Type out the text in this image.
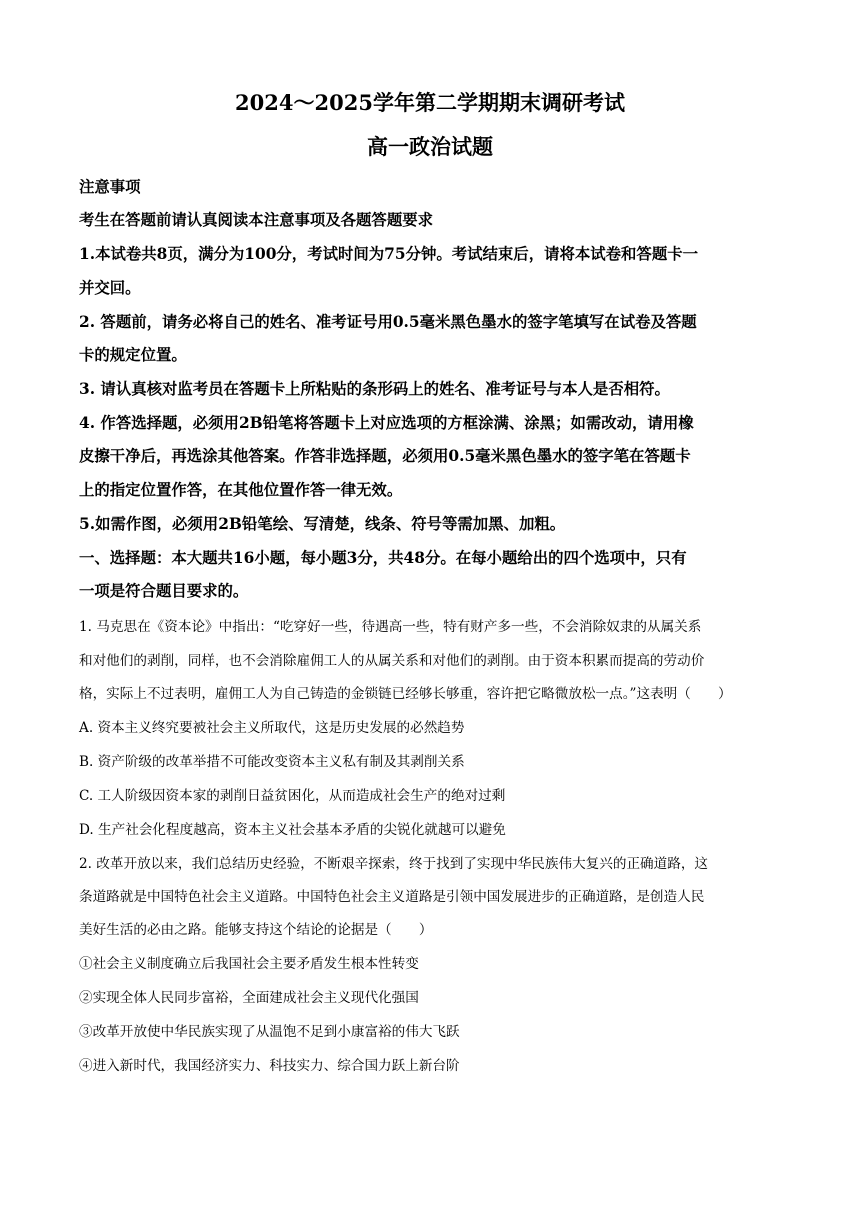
2024～2025学年第二学期期末调研考试
高一政治试题
注意事项
考生在答题前请认真阅读本注意事项及各题答题要求
1.本试卷共8页，满分为100分，考试时间为75分钟。考试结束后，请将本试卷和答题卡一
并交回。
2. 答题前，请务必将自己的姓名、准考证号用0.5毫米黑色墨水的签字笔填写在试卷及答题
卡的规定位置。
3. 请认真核对监考员在答题卡上所粘贴的条形码上的姓名、准考证号与本人是否相符。
4. 作答选择题，必须用2B铅笔将答题卡上对应选项的方框涂满、涂黑；如需改动，请用橡
皮擦干净后，再选涂其他答案。作答非选择题，必须用0.5毫米黑色墨水的签字笔在答题卡
上的指定位置作答，在其他位置作答一律无效。
5.如需作图，必须用2B铅笔绘、写清楚，线条、符号等需加黑、加粗。
一、选择题：本大题共16小题，每小题3分，共48分。在每小题给出的四个选项中，只有
一项是符合题目要求的。
1. 马克思在《资本论》中指出：“吃穿好一些，待遇高一些，特有财产多一些，不会消除奴隶的从属关系
和对他们的剥削，同样，也不会消除雇佣工人的从属关系和对他们的剥削。由于资本积累而提高的劳动价
格，实际上不过表明，雇佣工人为自己铸造的金锁链已经够长够重，容许把它略微放松一点。”这表明（　　）
A. 资本主义终究要被社会主义所取代，这是历史发展的必然趋势
B. 资产阶级的改革举措不可能改变资本主义私有制及其剥削关系
C. 工人阶级因资本家的剥削日益贫困化，从而造成社会生产的绝对过剩
D. 生产社会化程度越高，资本主义社会基本矛盾的尖锐化就越可以避免
2. 改革开放以来，我们总结历史经验，不断艰辛探索，终于找到了实现中华民族伟大复兴的正确道路，这
条道路就是中国特色社会主义道路。中国特色社会主义道路是引领中国发展进步的正确道路，是创造人民
美好生活的必由之路。能够支持这个结论的论据是（　　）
①社会主义制度确立后我国社会主要矛盾发生根本性转变
②实现全体人民同步富裕，全面建成社会主义现代化强国
③改革开放使中华民族实现了从温饱不足到小康富裕的伟大飞跃
④进入新时代，我国经济实力、科技实力、综合国力跃上新台阶
